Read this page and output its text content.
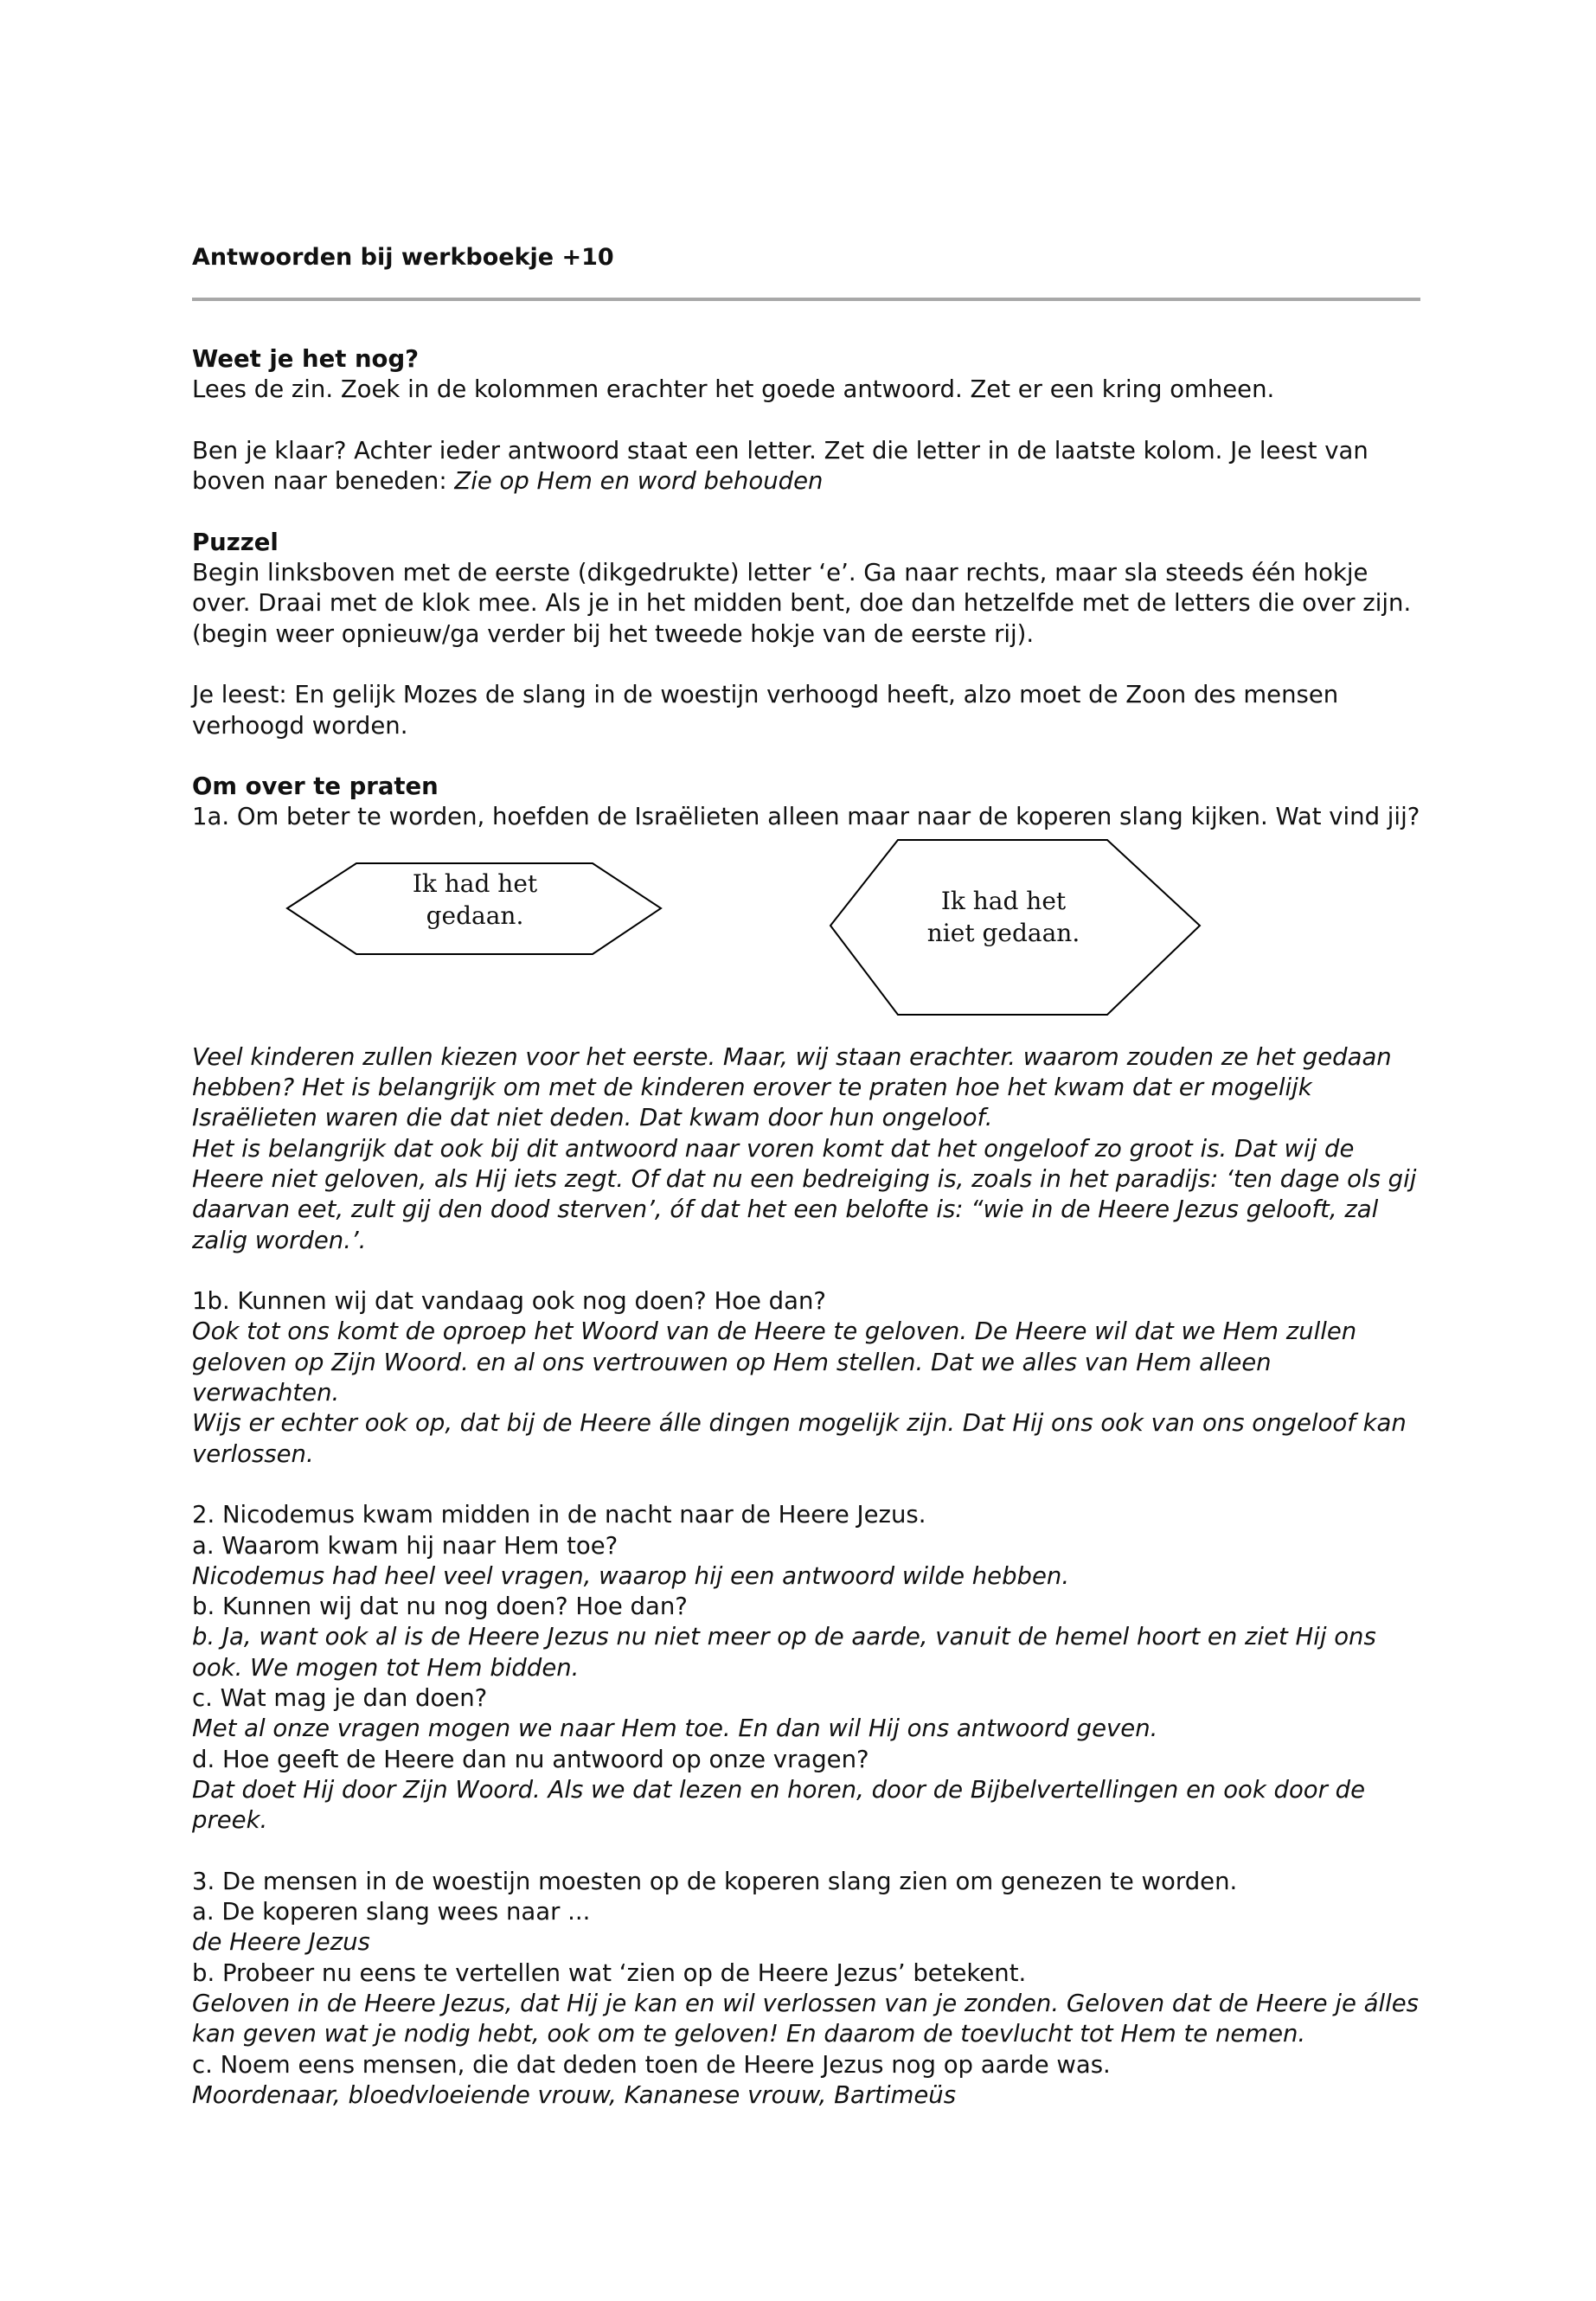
Antwoorden bij werkboekje +10

Weet je het nog?

Lees de zin. Zoek in de kolommen erachter het goede antwoord. Zet er een kring omheen.

Ben je klaar? Achter ieder antwoord staat een letter. Zet die letter in de laatste kolom. Je leest van boven naar beneden: Zie op Hem en word behouden

Puzzel

Begin linksboven met de eerste (dikgedrukte) letter ‘e’. Ga naar rechts, maar sla steeds één hokje over. Draai met de klok mee. Als je in het midden bent, doe dan hetzelfde met de letters die over zijn. (begin weer opnieuw/ga verder bij het tweede hokje van de eerste rij).

Je leest: En gelijk Mozes de slang in de woestijn verhoogd heeft, alzo moet de Zoon des mensen verhoogd worden.

Om over te praten

1a. Om beter te worden, hoefden de Israëlieten alleen maar naar de koperen slang kijken. Wat vind jij?

Ik had het gedaan.
Ik had het niet gedaan.

Veel kinderen zullen kiezen voor het eerste. Maar, wij staan erachter. waarom zouden ze het gedaan hebben? Het is belangrijk om met de kinderen erover te praten hoe het kwam dat er mogelijk Israëlieten waren die dat niet deden. Dat kwam door hun ongeloof.

Het is belangrijk dat ook bij dit antwoord naar voren komt dat het ongeloof zo groot is. Dat wij de Heere niet geloven, als Hij iets zegt. Of dat nu een bedreiging is, zoals in het paradijs: ‘ten dage ols gij daarvan eet, zult gij den dood sterven’, óf dat het een belofte is: “wie in de Heere Jezus gelooft, zal zalig worden.’.

1b. Kunnen wij dat vandaag ook nog doen? Hoe dan?

Ook tot ons komt de oproep het Woord van de Heere te geloven. De Heere wil dat we Hem zullen geloven op Zijn Woord. en al ons vertrouwen op Hem stellen. Dat we alles van Hem alleen verwachten.

Wijs er echter ook op, dat bij de Heere álle dingen mogelijk zijn. Dat Hij ons ook van ons ongeloof kan verlossen.

2. Nicodemus kwam midden in de nacht naar de Heere Jezus.

a. Waarom kwam hij naar Hem toe?

Nicodemus had heel veel vragen, waarop hij een antwoord wilde hebben.

b. Kunnen wij dat nu nog doen? Hoe dan?

b. Ja, want ook al is de Heere Jezus nu niet meer op de aarde, vanuit de hemel hoort en ziet Hij ons ook. We mogen tot Hem bidden.

c. Wat mag je dan doen?

Met al onze vragen mogen we naar Hem toe. En dan wil Hij ons antwoord geven.

d. Hoe geeft de Heere dan nu antwoord op onze vragen?

Dat doet Hij door Zijn Woord. Als we dat lezen en horen, door de Bijbelvertellingen en ook door de preek.

3. De mensen in de woestijn moesten op de koperen slang zien om genezen te worden.

a. De koperen slang wees naar ...

de Heere Jezus

b. Probeer nu eens te vertellen wat ‘zien op de Heere Jezus’ betekent.

Geloven in de Heere Jezus, dat Hij je kan en wil verlossen van je zonden. Geloven dat de Heere je álles kan geven wat je nodig hebt, ook om te geloven! En daarom de toevlucht tot Hem te nemen.

c. Noem eens mensen, die dat deden toen de Heere Jezus nog op aarde was.

Moordenaar, bloedvloeiende vrouw, Kananese vrouw, Bartimeüs
